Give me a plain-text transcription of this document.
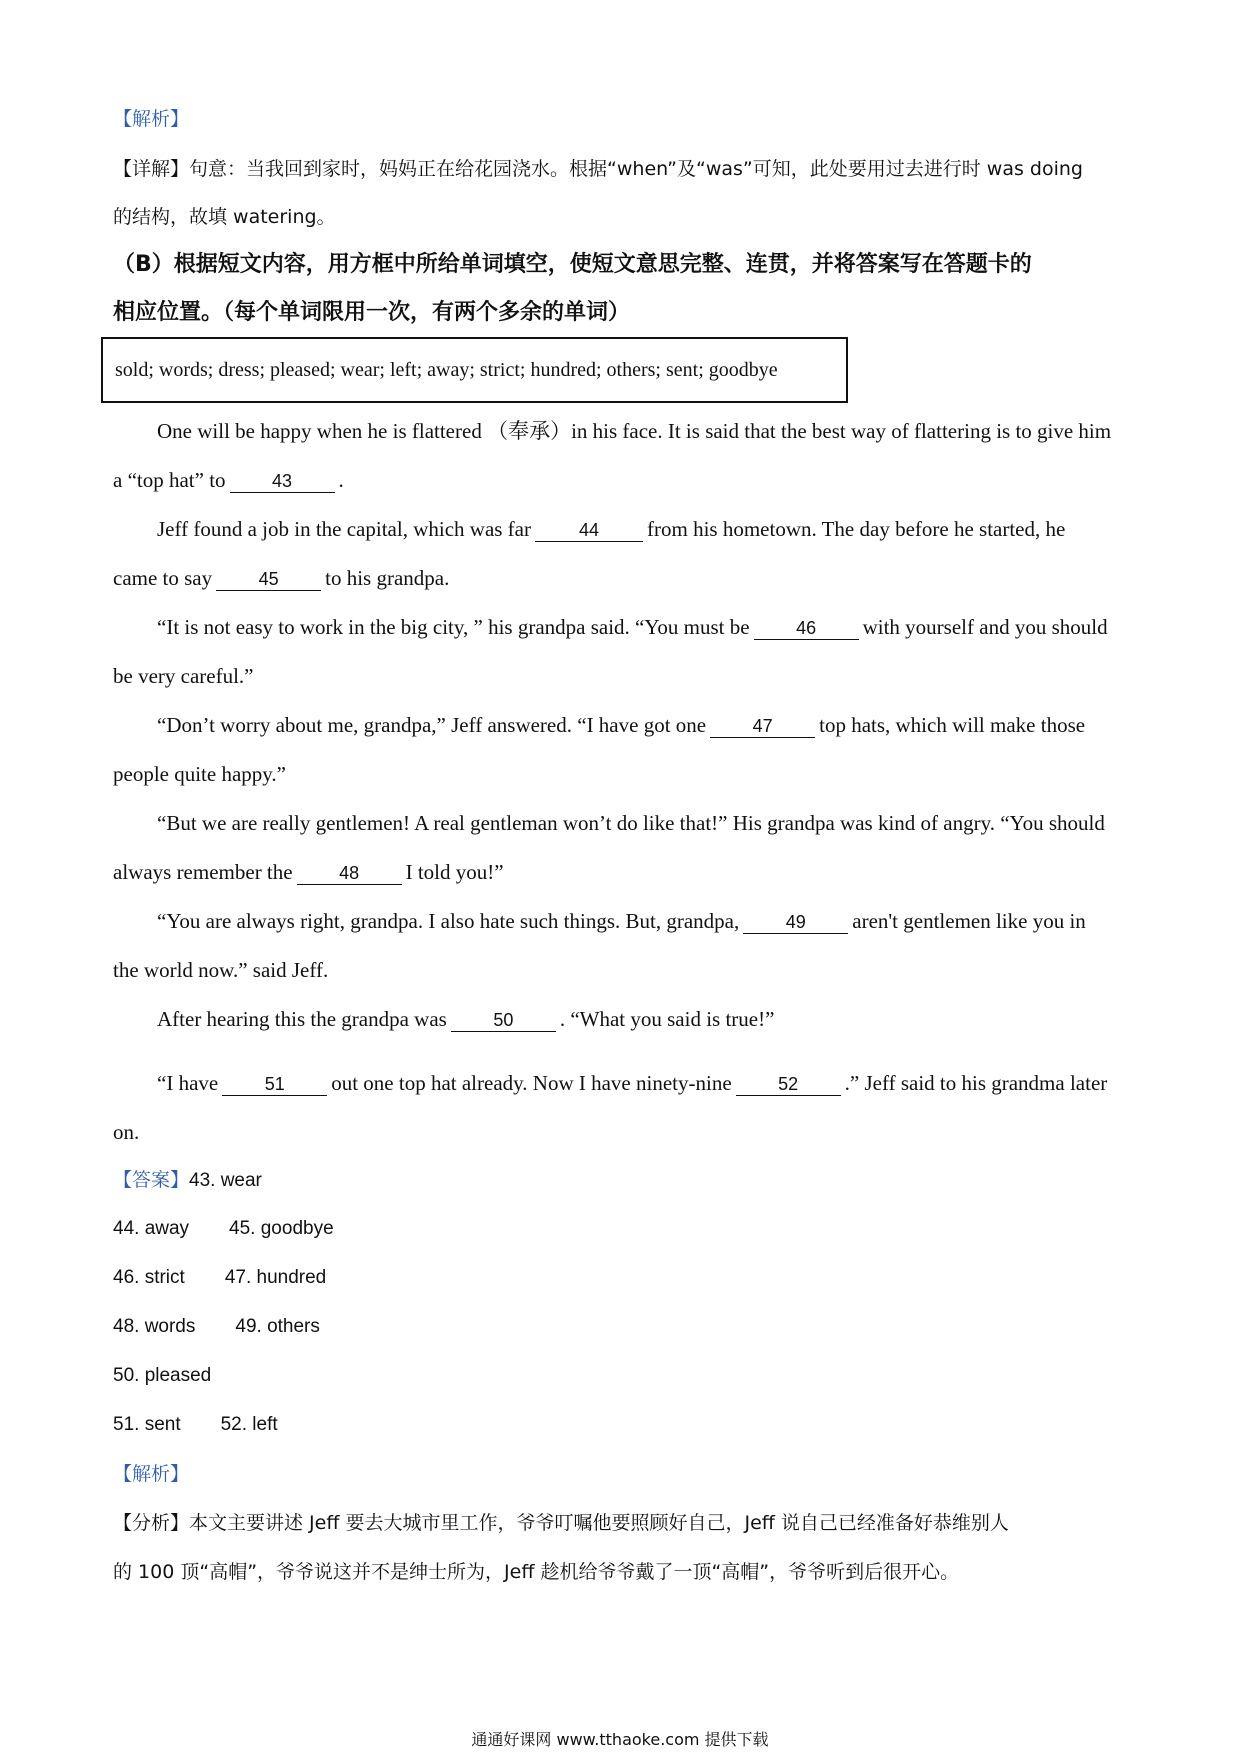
【解析】
【详解】句意：当我回到家时，妈妈正在给花园浇水。根据“when”及“was”可知，此处要用过去进行时 was doing
的结构，故填 watering。
（B）根据短文内容，用方框中所给单词填空，使短文意思完整、连贯，并将答案写在答题卡的
相应位置。（每个单词限用一次，有两个多余的单词）
sold; words; dress; pleased; wear; left; away; strict; hundred; others; sent; goodbye
One will be happy when he is flattered （奉承）in his face. It is said that the best way of flattering is to give him
a “top hat” to	43 .
Jeff found a job in the capital, which was far	44 from his hometown. The day before he started, he
came to say	45 to his grandpa.
“It is not easy to work in the big city, ” his grandpa said. “You must be	46 with yourself and you should
be very careful.”
“Don’t worry about me, grandpa,” Jeff answered. “I have got one	47 top hats, which will make those
people quite happy.”
“But we are really gentlemen! A real gentleman won’t do like that!” His grandpa was kind of angry. “You should
always remember the	48 I told you!”
“You are always right, grandpa. I also hate such things. But, grandpa,	49 aren't gentlemen like you in
the world now.” said Jeff.
After hearing this the grandpa was	50 . “What you said is true!”
“I have	51 out one top hat already. Now I have ninety-nine	52 .” Jeff said to his grandma later
on.
【答案】43. wear
44. away 45. goodbye
46. strict 47. hundred
48. words 49. others
50. pleased
51. sent 52. left
【解析】
【分析】本文主要讲述 Jeff 要去大城市里工作，爷爷叮嘱他要照顾好自己，Jeff 说自己已经准备好恭维别人
的 100 顶“高帽”，爷爷说这并不是绅士所为，Jeff 趁机给爷爷戴了一顶“高帽”，爷爷听到后很开心。
通通好课网 www.tthaoke.com 提供下载
